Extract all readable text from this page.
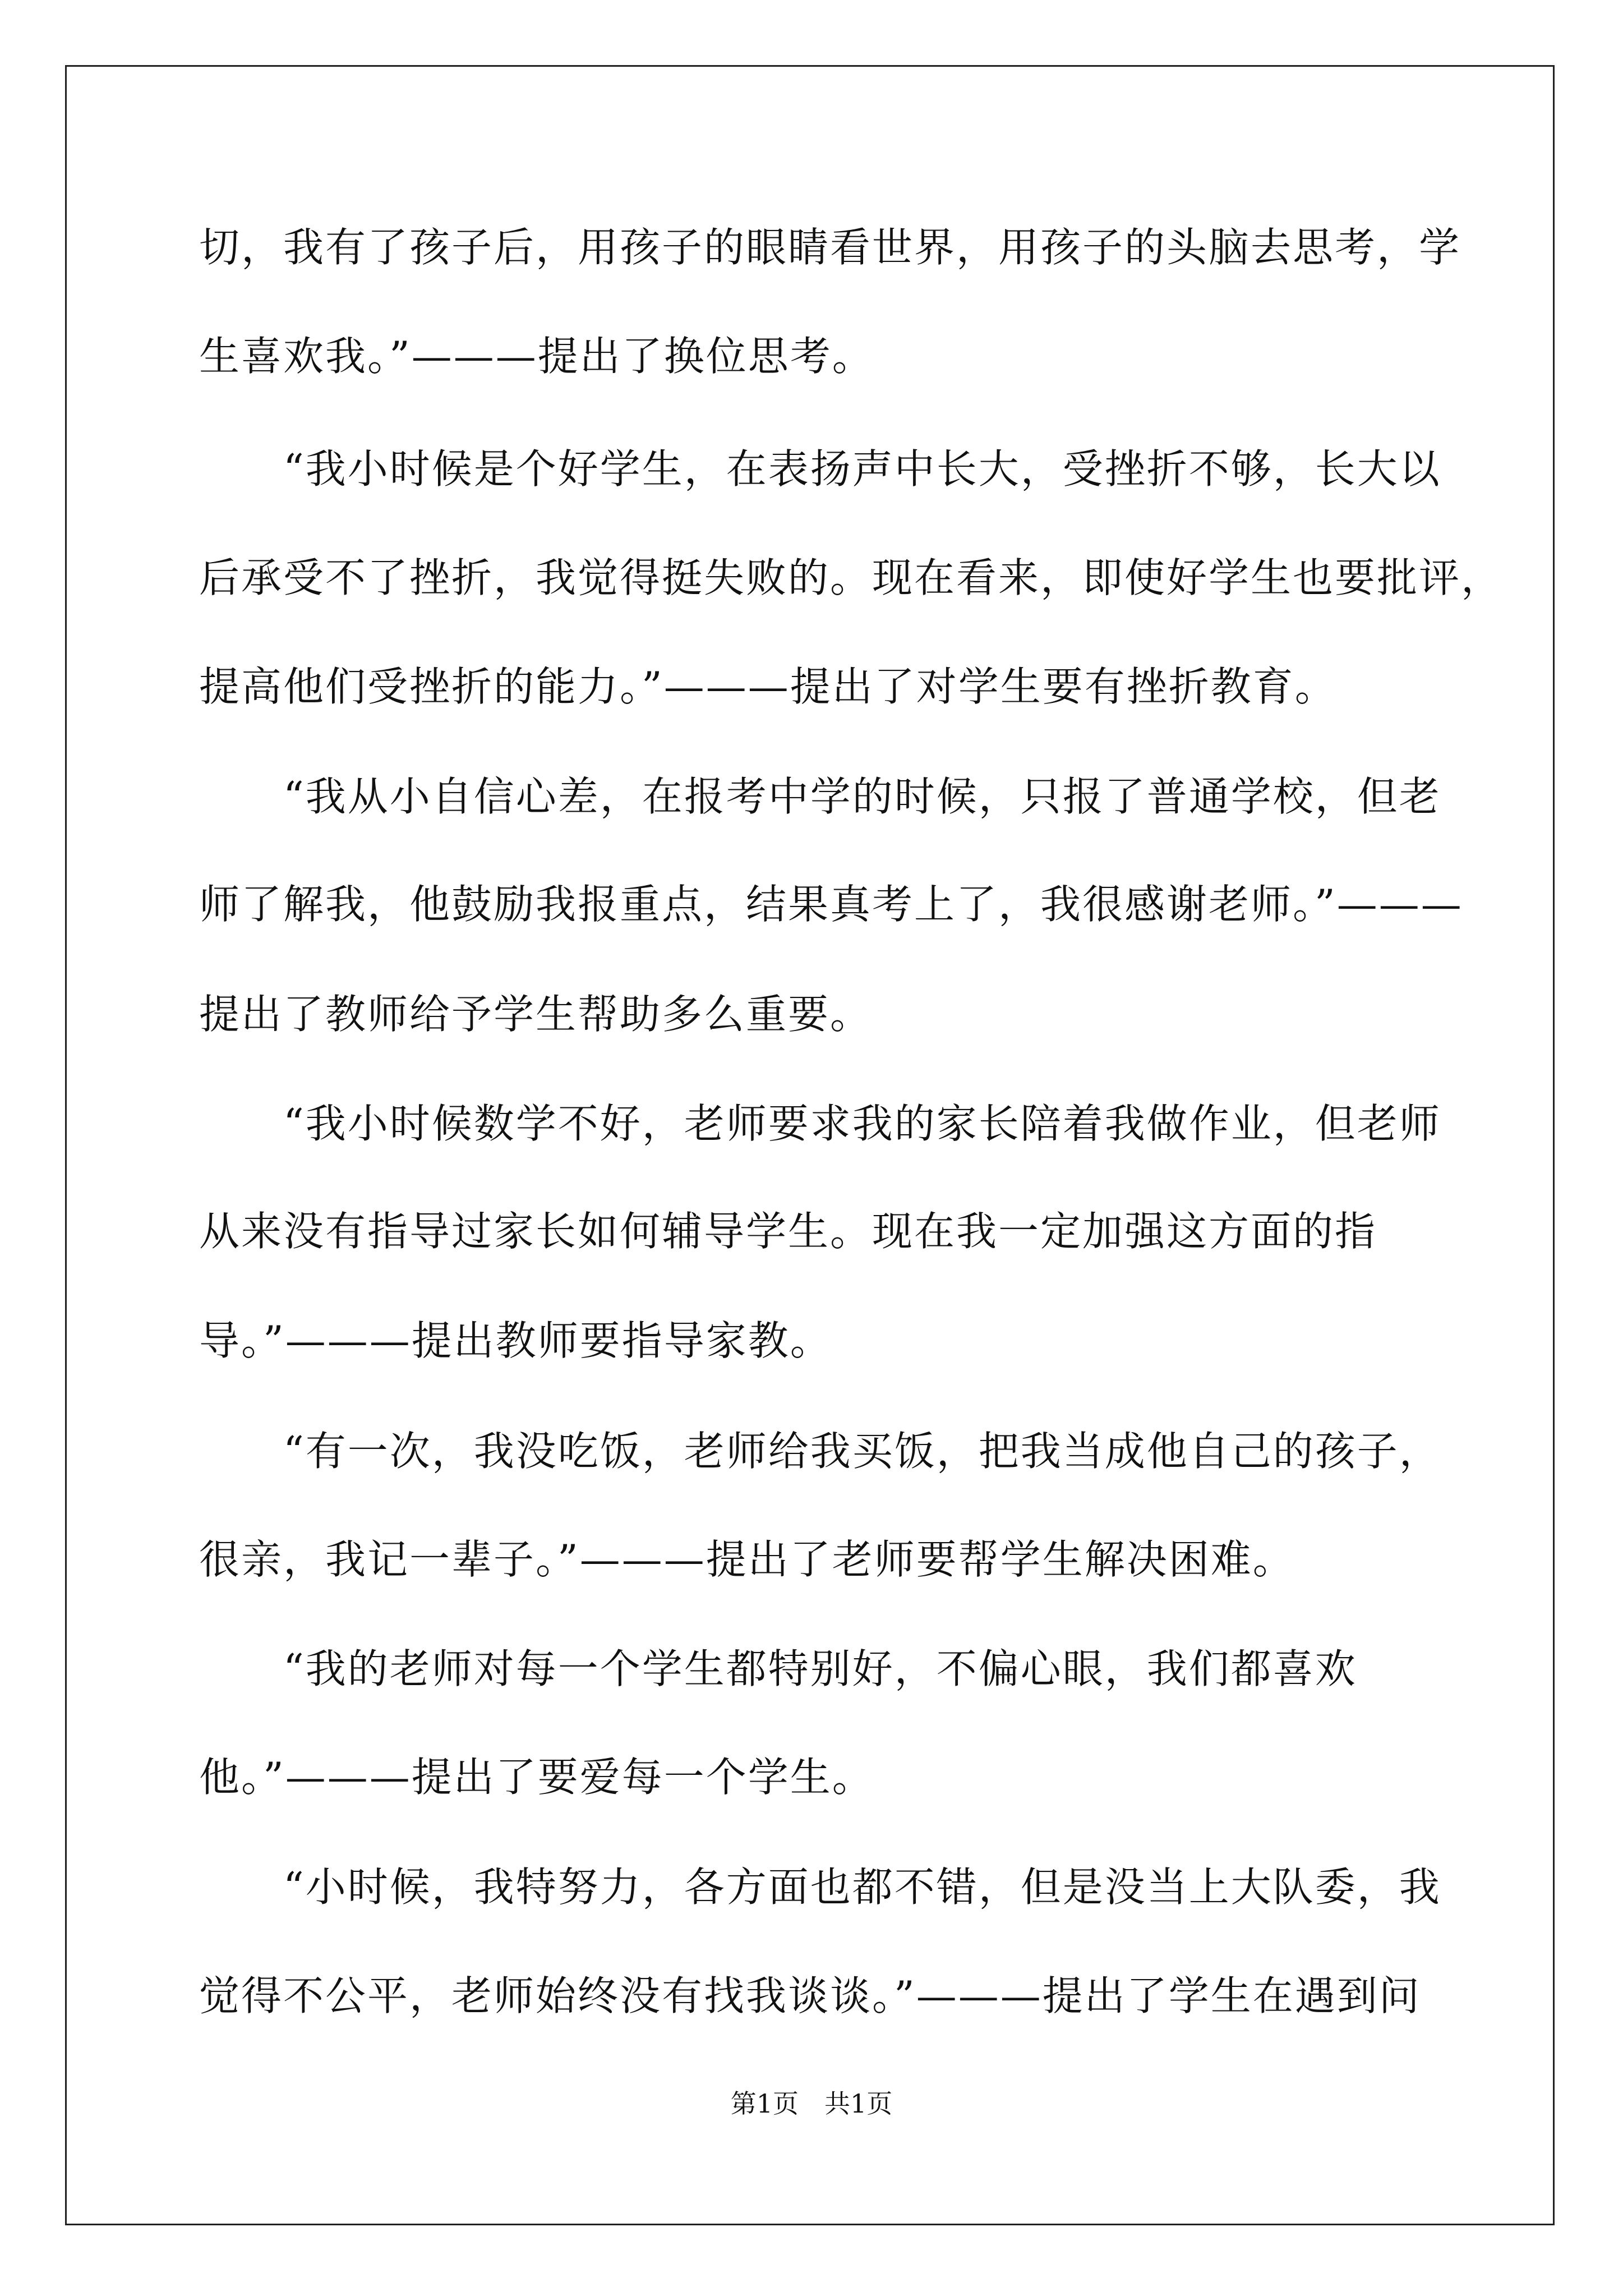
切，我有了孩子后，用孩子的眼睛看世界，用孩子的头脑去思考，学

生喜欢我。”———提出了换位思考。

“我小时候是个好学生，在表扬声中长大，受挫折不够，长大以

后承受不了挫折，我觉得挺失败的。现在看来，即使好学生也要批评，

提高他们受挫折的能力。”———提出了对学生要有挫折教育。

“我从小自信心差，在报考中学的时候，只报了普通学校，但老

师了解我，他鼓励我报重点，结果真考上了，我很感谢老师。”———

提出了教师给予学生帮助多么重要。

“我小时候数学不好，老师要求我的家长陪着我做作业，但老师

从来没有指导过家长如何辅导学生。现在我一定加强这方面的指

导。”———提出教师要指导家教。

“有一次，我没吃饭，老师给我买饭，把我当成他自己的孩子，

很亲，我记一辈子。”———提出了老师要帮学生解决困难。

“我的老师对每一个学生都特别好，不偏心眼，我们都喜欢

他。”———提出了要爱每一个学生。

“小时候，我特努力，各方面也都不错，但是没当上大队委，我

觉得不公平，老师始终没有找我谈谈。”———提出了学生在遇到问

第1页　共1页
